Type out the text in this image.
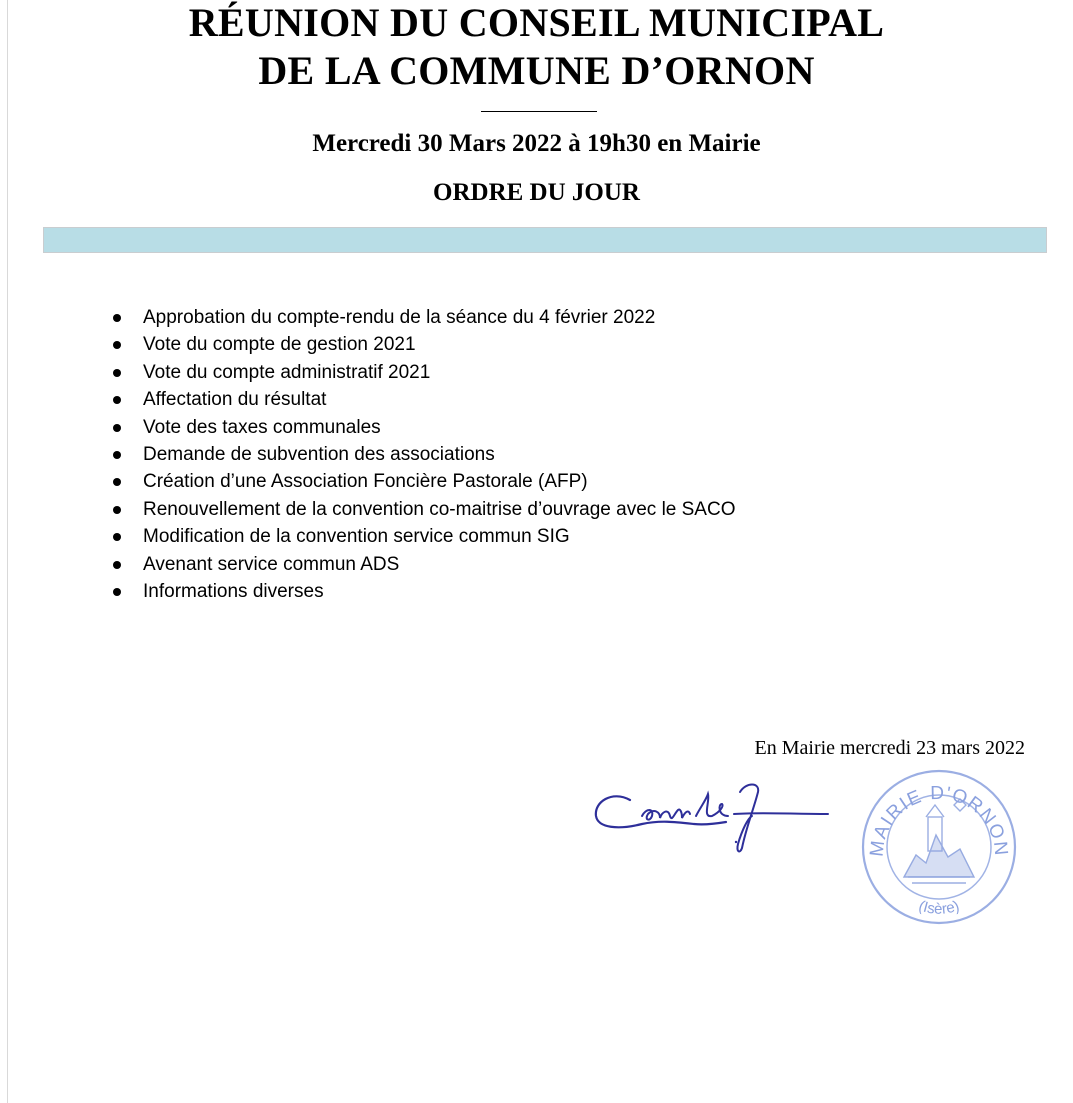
RÉUNION DU CONSEIL MUNICIPAL
DE LA COMMUNE D’ORNON
Mercredi 30 Mars 2022 à 19h30 en Mairie
ORDRE DU JOUR
Approbation du compte-rendu de la séance du 4 février 2022
Vote du compte de gestion 2021
Vote du compte administratif 2021
Affectation du résultat
Vote des taxes communales
Demande de subvention des associations
Création d’une Association Foncière Pastorale (AFP)
Renouvellement de la convention co-maitrise d’ouvrage avec le SACO
Modification de la convention service commun SIG
Avenant service commun ADS
Informations diverses
En Mairie mercredi 23 mars 2022
MAIRIE D'ORNON
(Isère)
